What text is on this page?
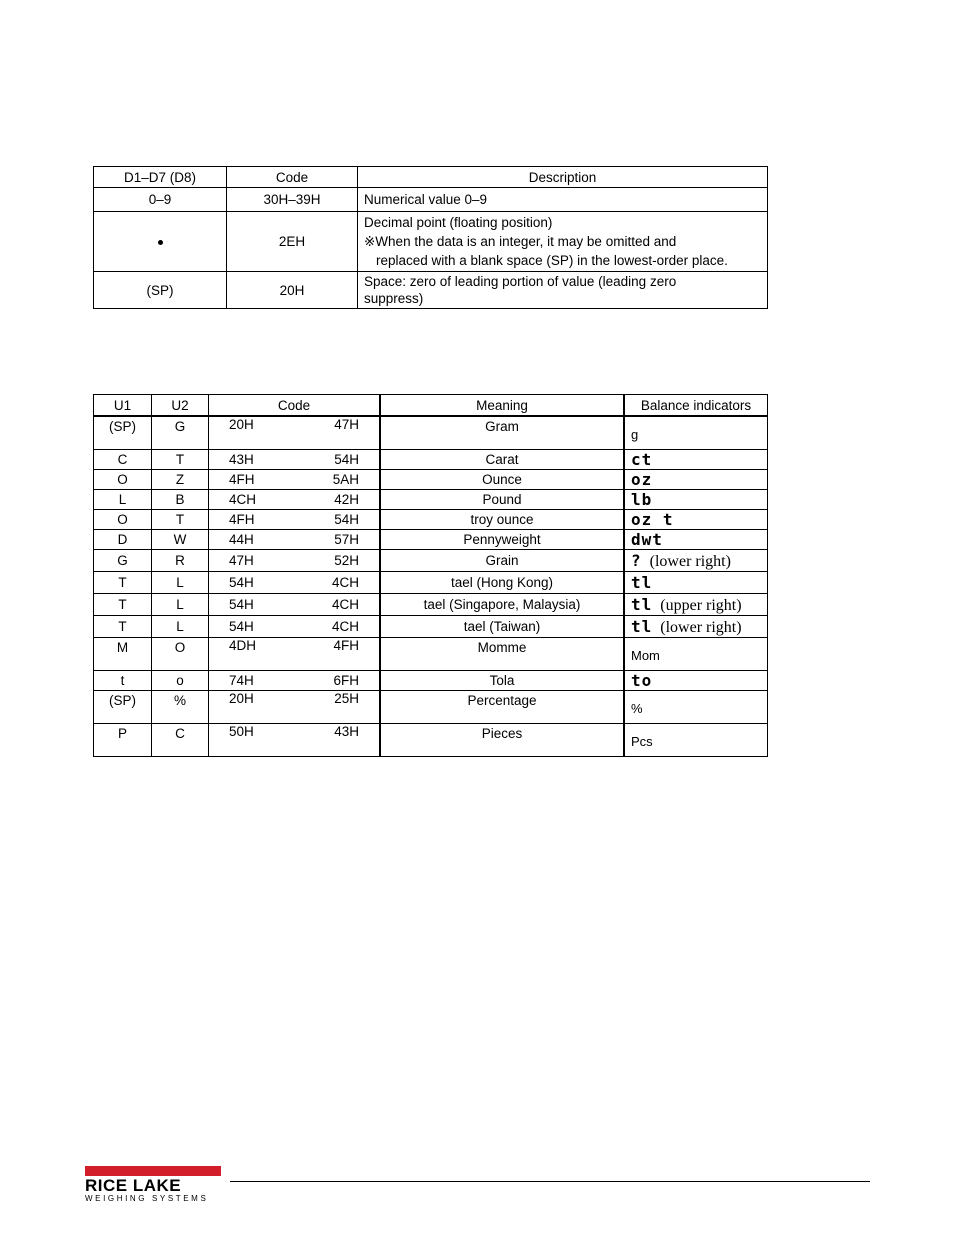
D1–D7 (D8)	Code	Description
0–9	30H–39H	Numerical value 0–9
	2EH	Decimal point (floating position)
※When the data is an integer, it may be omitted and
replaced with a blank space (SP) in the lowest-order place.

(SP)	20H	Space: zero of leading portion of value (leading zero
suppress)
U1	U2	Code	Meaning	Balance indicators
(SP)	G	20H 47H	Gram	g
C	T	43H 54H	Carat	ct
O	Z	4FH 5AH	Ounce	oz
L	B	4CH 42H	Pound	lb
O	T	4FH 54H	troy ounce	oz t
D	W	44H 57H	Pennyweight	dwt
G	R	47H 52H	Grain	? (lower right)
T	L	54H 4CH	tael (Hong Kong)	tl
T	L	54H 4CH	tael (Singapore, Malaysia)	tl (upper right)
T	L	54H 4CH	tael (Taiwan)	tl (lower right)
M	O	4DH 4FH	Momme	Mom
t	o	74H 6FH	Tola	to
(SP)	%	20H 25H	Percentage	%
P	C	50H 43H	Pieces	Pcs
RICE LAKE
WEIGHING SYSTEMS
